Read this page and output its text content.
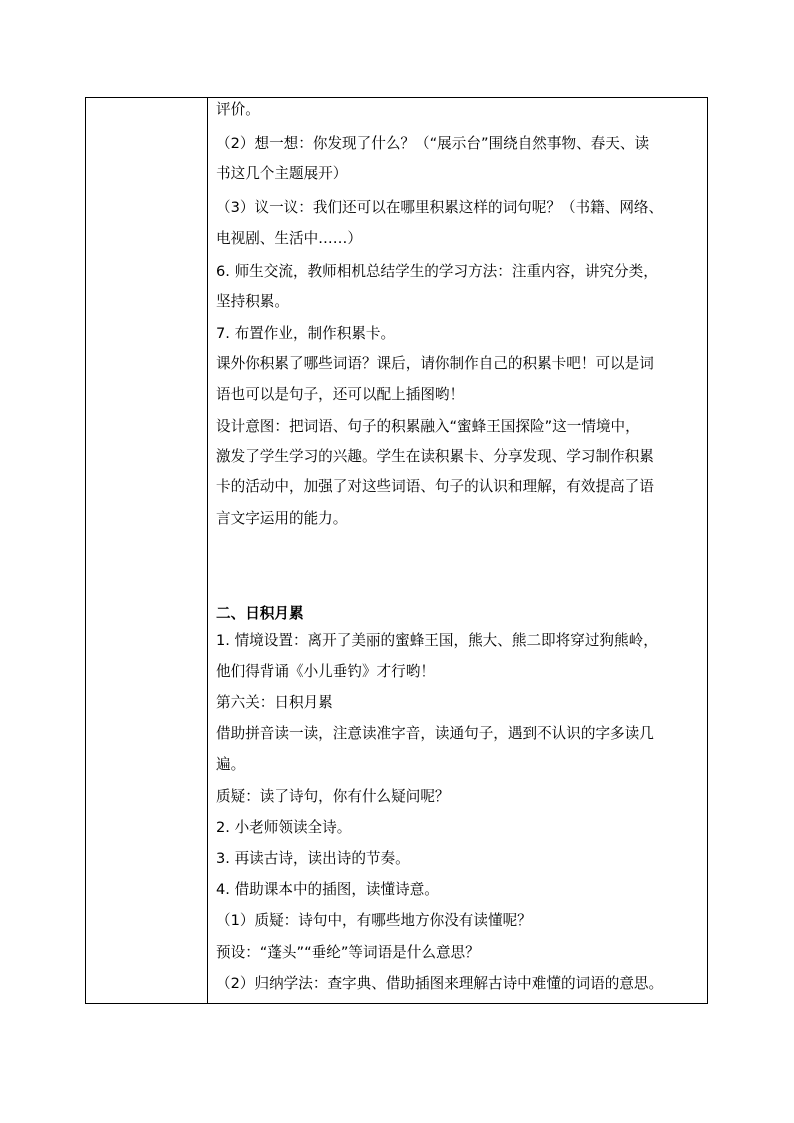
评价。
（2）想一想：你发现了什么？（“展示台”围绕自然事物、春天、读
书这几个主题展开）
（3）议一议：我们还可以在哪里积累这样的词句呢？（书籍、网络、
电视剧、生活中……）
6. 师生交流，教师相机总结学生的学习方法：注重内容，讲究分类，
坚持积累。
7. 布置作业，制作积累卡。
课外你积累了哪些词语？课后，请你制作自己的积累卡吧！可以是词
语也可以是句子，还可以配上插图哟！
设计意图：把词语、句子的积累融入“蜜蜂王国探险”这一情境中，
激发了学生学习的兴趣。学生在读积累卡、分享发现、学习制作积累
卡的活动中，加强了对这些词语、句子的认识和理解，有效提高了语
言文字运用的能力。
二、日积月累
1. 情境设置：离开了美丽的蜜蜂王国，熊大、熊二即将穿过狗熊岭，
他们得背诵《小儿垂钓》才行哟！
第六关：日积月累
借助拼音读一读，注意读准字音，读通句子，遇到不认识的字多读几
遍。
质疑：读了诗句，你有什么疑问呢？
2. 小老师领读全诗。
3. 再读古诗，读出诗的节奏。
4. 借助课本中的插图，读懂诗意。
（1）质疑：诗句中，有哪些地方你没有读懂呢？
预设：“蓬头”“垂纶”等词语是什么意思？
（2）归纳学法：查字典、借助插图来理解古诗中难懂的词语的意思。
